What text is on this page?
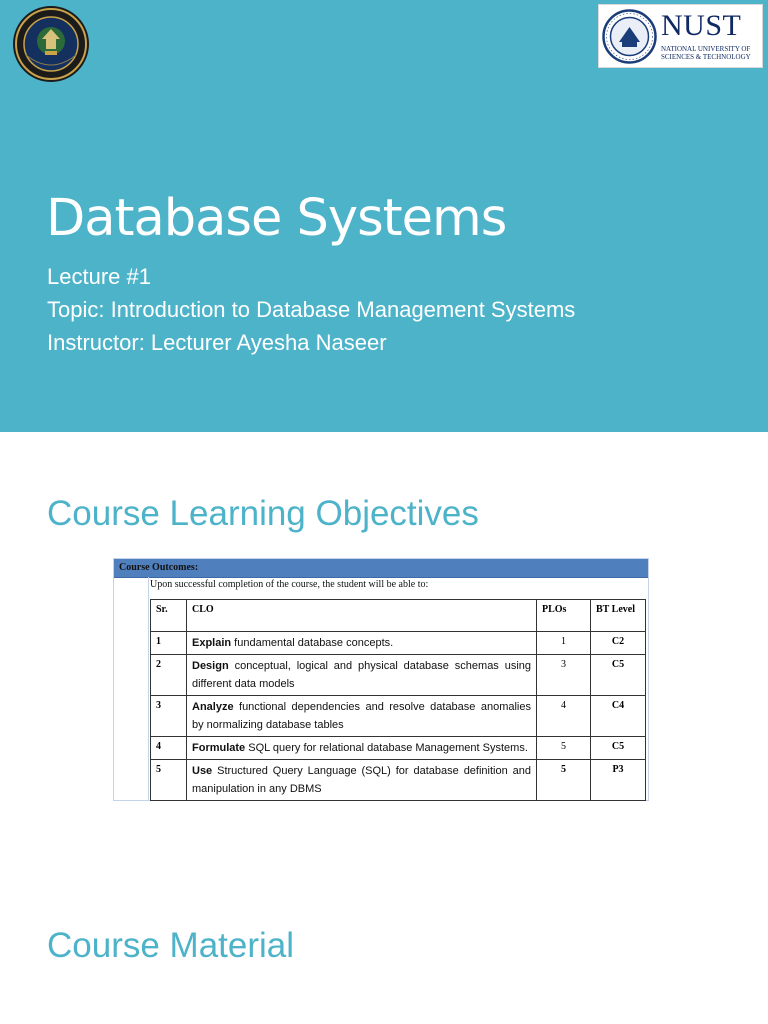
NUST
NATIONAL UNIVERSITY OF SCIENCES & TECHNOLOGY
Database Systems
Lecture #1
Topic: Introduction to Database Management Systems
Instructor: Lecturer Ayesha Naseer
Course Learning Objectives
Course Outcomes:
Upon successful completion of the course, the student will be able to:
Sr.	CLO	PLOs	BT Level
1	Explain fundamental database concepts.	1	C2
2	Design conceptual, logical and physical database schemas using different data models	3	C5
3	Analyze functional dependencies and resolve database anomalies by normalizing database tables	4	C4
4	Formulate SQL query for relational database Management Systems.	5	C5
5	Use Structured Query Language (SQL) for database definition and manipulation in any DBMS	5	P3
Course Material
